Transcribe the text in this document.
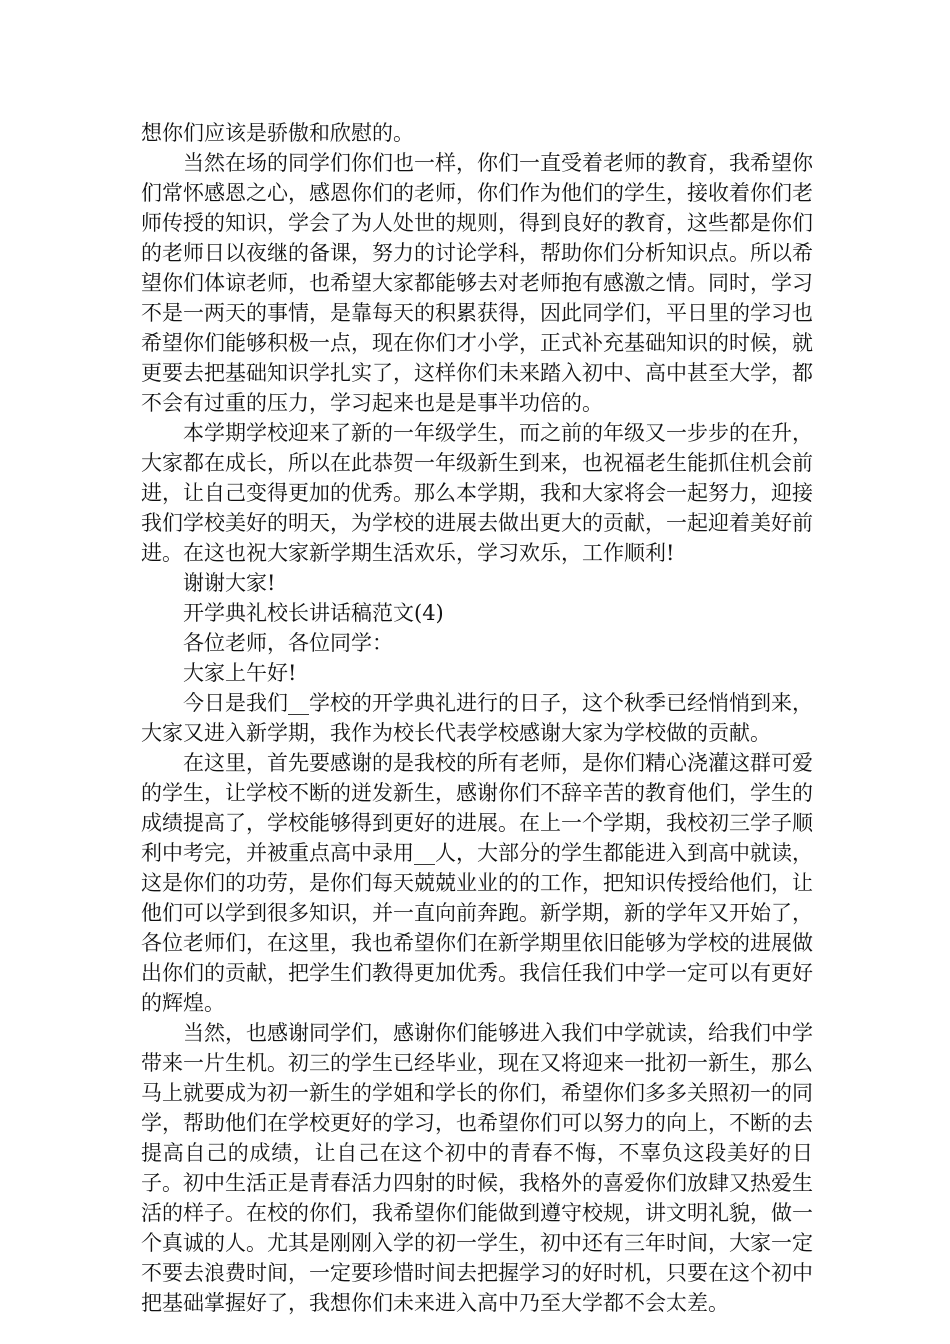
想你们应该是骄傲和欣慰的。

当然在场的同学们你们也一样，你们一直受着老师的教育，我希望你们常怀感恩之心，感恩你们的老师，你们作为他们的学生，接收着你们老师传授的知识，学会了为人处世的规则，得到良好的教育，这些都是你们的老师日以夜继的备课，努力的讨论学科，帮助你们分析知识点。所以希望你们体谅老师，也希望大家都能够去对老师抱有感激之情。同时，学习不是一两天的事情，是靠每天的积累获得，因此同学们，平日里的学习也希望你们能够积极一点，现在你们才小学，正式补充基础知识的时候，就更要去把基础知识学扎实了，这样你们未来踏入初中、高中甚至大学，都不会有过重的压力，学习起来也是是事半功倍的。

本学期学校迎来了新的一年级学生，而之前的年级又一步步的在升，大家都在成长，所以在此恭贺一年级新生到来，也祝福老生能抓住机会前进，让自己变得更加的优秀。那么本学期，我和大家将会一起努力，迎接我们学校美好的明天，为学校的进展去做出更大的贡献，一起迎着美好前进。在这也祝大家新学期生活欢乐，学习欢乐，工作顺利!

谢谢大家!

开学典礼校长讲话稿范文(4)

各位老师，各位同学：

大家上午好!

今日是我们__学校的开学典礼进行的日子，这个秋季已经悄悄到来，大家又进入新学期，我作为校长代表学校感谢大家为学校做的贡献。

在这里，首先要感谢的是我校的所有老师，是你们精心浇灌这群可爱的学生，让学校不断的迸发新生，感谢你们不辞辛苦的教育他们，学生的成绩提高了，学校能够得到更好的进展。在上一个学期，我校初三学子顺利中考完，并被重点高中录用__人，大部分的学生都能进入到高中就读，这是你们的功劳，是你们每天兢兢业业的的工作，把知识传授给他们，让他们可以学到很多知识，并一直向前奔跑。新学期，新的学年又开始了，各位老师们，在这里，我也希望你们在新学期里依旧能够为学校的进展做出你们的贡献，把学生们教得更加优秀。我信任我们中学一定可以有更好的辉煌。

当然，也感谢同学们，感谢你们能够进入我们中学就读，给我们中学带来一片生机。初三的学生已经毕业，现在又将迎来一批初一新生，那么马上就要成为初一新生的学姐和学长的你们，希望你们多多关照初一的同学，帮助他们在学校更好的学习，也希望你们可以努力的向上，不断的去提高自己的成绩，让自己在这个初中的青春不悔，不辜负这段美好的日子。初中生活正是青春活力四射的时候，我格外的喜爱你们放肆又热爱生活的样子。在校的你们，我希望你们能做到遵守校规，讲文明礼貌，做一个真诚的人。尤其是刚刚入学的初一学生，初中还有三年时间，大家一定不要去浪费时间，一定要珍惜时间去把握学习的好时机，只要在这个初中把基础掌握好了，我想你们未来进入高中乃至大学都不会太差。
